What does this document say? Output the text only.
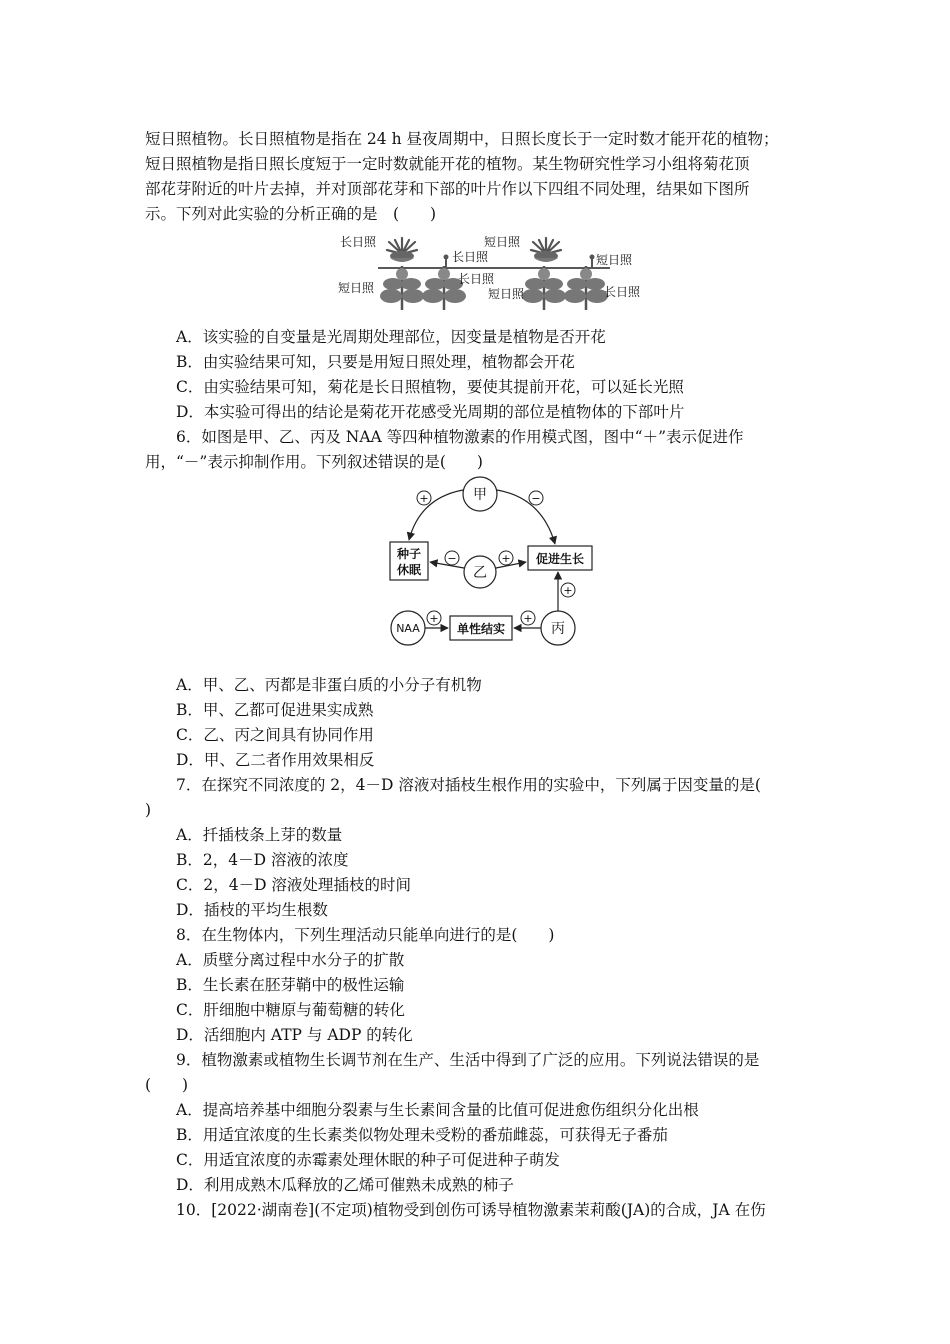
短日照植物。长日照植物是指在 24 h 昼夜周期中，日照长度长于一定时数才能开花的植物；
短日照植物是指日照长度短于一定时数就能开花的植物。某生物研究性学习小组将菊花顶
部花芽附近的叶片去掉，并对顶部花芽和下部的叶片作以下四组不同处理，结果如下图所
示。下列对此实验的分析正确的是　(　　)
长日照
短日照
长日照
长日照
短日照
短日照
短日照
长日照
A．该实验的自变量是光周期处理部位，因变量是植物是否开花
B．由实验结果可知，只要是用短日照处理，植物都会开花
C．由实验结果可知，菊花是长日照植物，要使其提前开花，可以延长光照
D．本实验可得出的结论是菊花开花感受光周期的部位是植物体的下部叶片
6．如图是甲、乙、丙及 NAA 等四种植物激素的作用模式图，图中“＋”表示促进作
用，“－”表示抑制作用。下列叙述错误的是(　　)
甲
种子
休眠
促进生长
乙
NAA	单性结实	丙
+	−
−	+
+
+	+
A．甲、乙、丙都是非蛋白质的小分子有机物
B．甲、乙都可促进果实成熟
C．乙、丙之间具有协同作用
D．甲、乙二者作用效果相反
7．在探究不同浓度的 2，4－D 溶液对插枝生根作用的实验中，下列属于因变量的是(
)
A．扦插枝条上芽的数量
B．2，4－D 溶液的浓度
C．2，4－D 溶液处理插枝的时间
D．插枝的平均生根数
8．在生物体内，下列生理活动只能单向进行的是(　　)
A．质壁分离过程中水分子的扩散
B．生长素在胚芽鞘中的极性运输
C．肝细胞中糖原与葡萄糖的转化
D．活细胞内 ATP 与 ADP 的转化
9．植物激素或植物生长调节剂在生产、生活中得到了广泛的应用。下列说法错误的是
(　　)
A．提高培养基中细胞分裂素与生长素间含量的比值可促进愈伤组织分化出根
B．用适宜浓度的生长素类似物处理未受粉的番茄雌蕊，可获得无子番茄
C．用适宜浓度的赤霉素处理休眠的种子可促进种子萌发
D．利用成熟木瓜释放的乙烯可催熟未成熟的柿子
10．[2022·湖南卷](不定项)植物受到创伤可诱导植物激素茉莉酸(JA)的合成，JA 在伤
